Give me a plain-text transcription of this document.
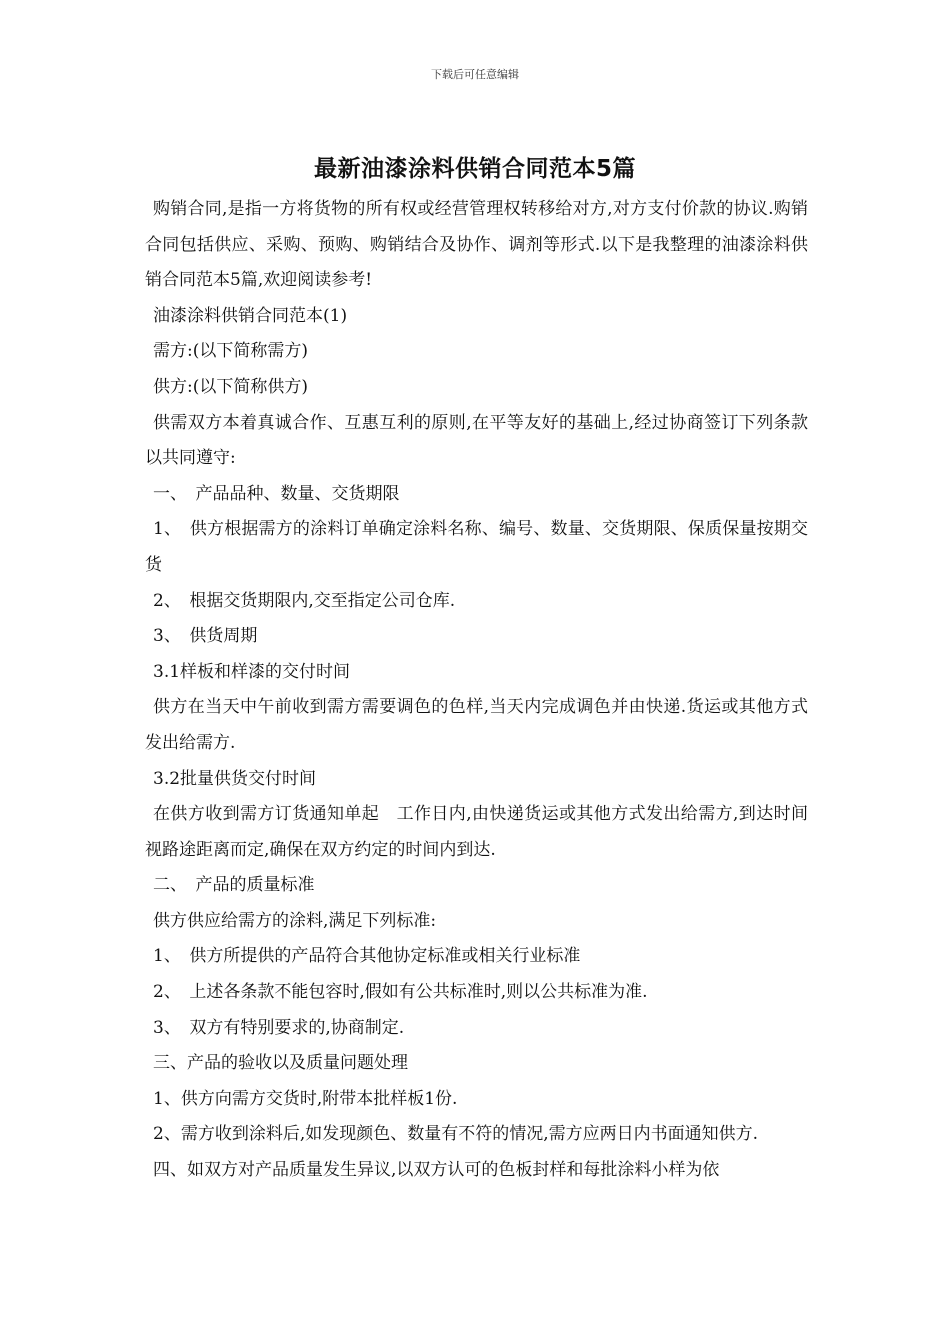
下载后可任意编辑
最新油漆涂料供销合同范本5篇

购销合同,是指一方将货物的所有权或经营管理权转移给对方,对方支付价款的协议.购销合同包括供应、采购、预购、购销结合及协作、调剂等形式.以下是我整理的油漆涂料供销合同范本5篇,欢迎阅读参考!

油漆涂料供销合同范本(1)

需方:(以下简称需方)

供方:(以下简称供方)

供需双方本着真诚合作、互惠互利的原则,在平等友好的基础上,经过协商签订下列条款以共同遵守:

一、　产品品种、数量、交货期限

1、　供方根据需方的涂料订单确定涂料名称、编号、数量、交货期限、保质保量按期交货

2、　根据交货期限内,交至指定公司仓库.

3、　供货周期

3.1样板和样漆的交付时间

供方在当天中午前收到需方需要调色的色样,当天内完成调色并由快递.货运或其他方式发出给需方.

3.2批量供货交付时间

在供方收到需方订货通知单起　工作日内,由快递货运或其他方式发出给需方,到达时间视路途距离而定,确保在双方约定的时间内到达.

二、　产品的质量标准

供方供应给需方的涂料,满足下列标准:

1、　供方所提供的产品符合其他协定标准或相关行业标准

2、　上述各条款不能包容时,假如有公共标准时,则以公共标准为准.

3、　双方有特别要求的,协商制定.

三、产品的验收以及质量问题处理

1、供方向需方交货时,附带本批样板1份.

2、需方收到涂料后,如发现颜色、数量有不符的情况,需方应两日内书面通知供方.

四、如双方对产品质量发生异议,以双方认可的色板封样和每批涂料小样为依
